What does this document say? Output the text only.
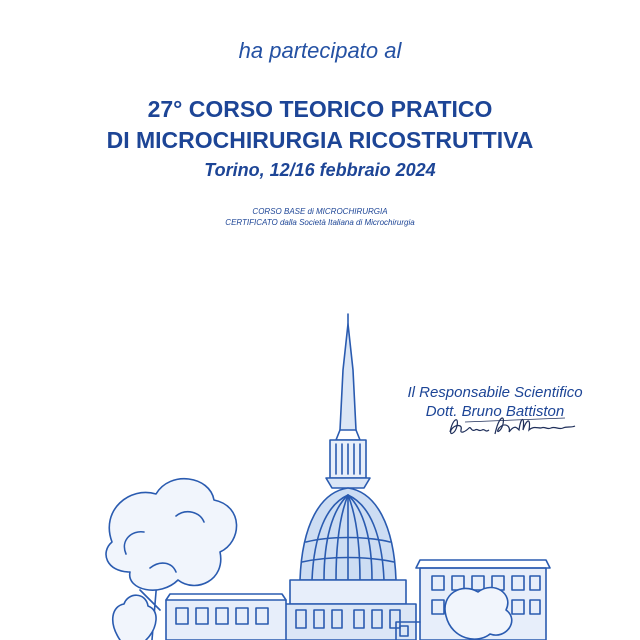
ha partecipato al
27° CORSO TEORICO PRATICO
DI MICROCHIRURGIA RICOSTRUTTIVA
Torino, 12/16 febbraio 2024
CORSO BASE di MICROCHIRURGIA
CERTIFICATO dalla Società Italiana di Microchirurgia
Il Responsabile Scientifico
Dott. Bruno Battiston
